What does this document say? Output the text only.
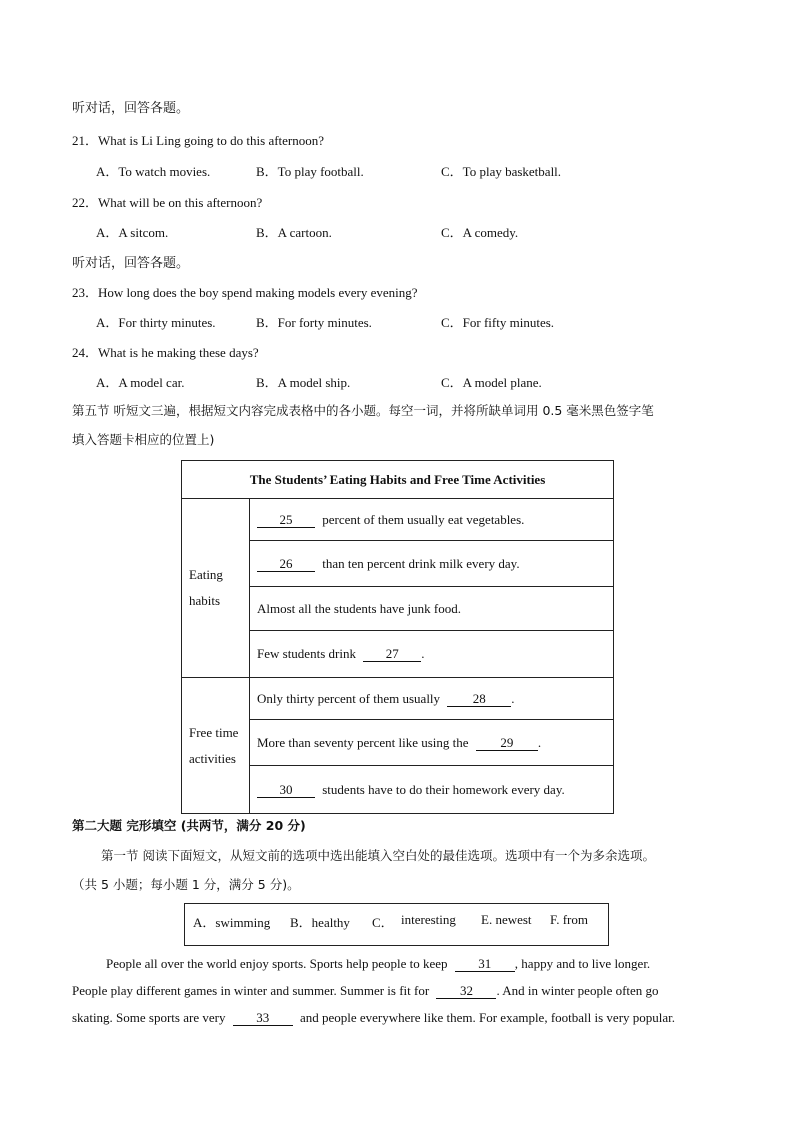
听对话，回答各题。
21．What is Li Ling going to do this afternoon?
A．To watch movies.	B．To play football.	C．To play basketball.
22．What will be on this afternoon?
A．A sitcom.	B．A cartoon.	C．A comedy.
听对话，回答各题。
23．How long does the boy spend making models every evening?
A．For thirty minutes.	B．For forty minutes.	C．For fifty minutes.
24．What is he making these days?
A．A model car.	B．A model ship.	C．A model plane.
第五节 听短文三遍，根据短文内容完成表格中的各小题。每空一词，并将所缺单词用 0.5 毫米黑色签字笔
填入答题卡相应的位置上)
The Students’ Eating Habits and Free Time Activities	
Eating
habits	25 percent of them usually eat vegetables.
	26 than ten percent drink milk every day.
	Almost all the students have junk food.
	Few students drink 27 .
Free time
activities	Only thirty percent of them usually 28 .
	More than seventy percent like using the 29 .
	30 students have to do their homework every day.
第二大题 完形填空 (共两节，满分 20 分)
第一节 阅读下面短文，从短文前的选项中选出能填入空白处的最佳选项。选项中有一个为多余选项。
（共 5 小题；每小题 1 分，满分 5 分)。
A．swimming B．healthy C． interesting E. newest F. from
People all over the world enjoy sports. Sports help people to keep 31 , happy and to live longer.
People play different games in winter and summer. Summer is fit for 32 . And in winter people often go
skating. Some sports are very 33 and people everywhere like them. For example, football is very popular.
